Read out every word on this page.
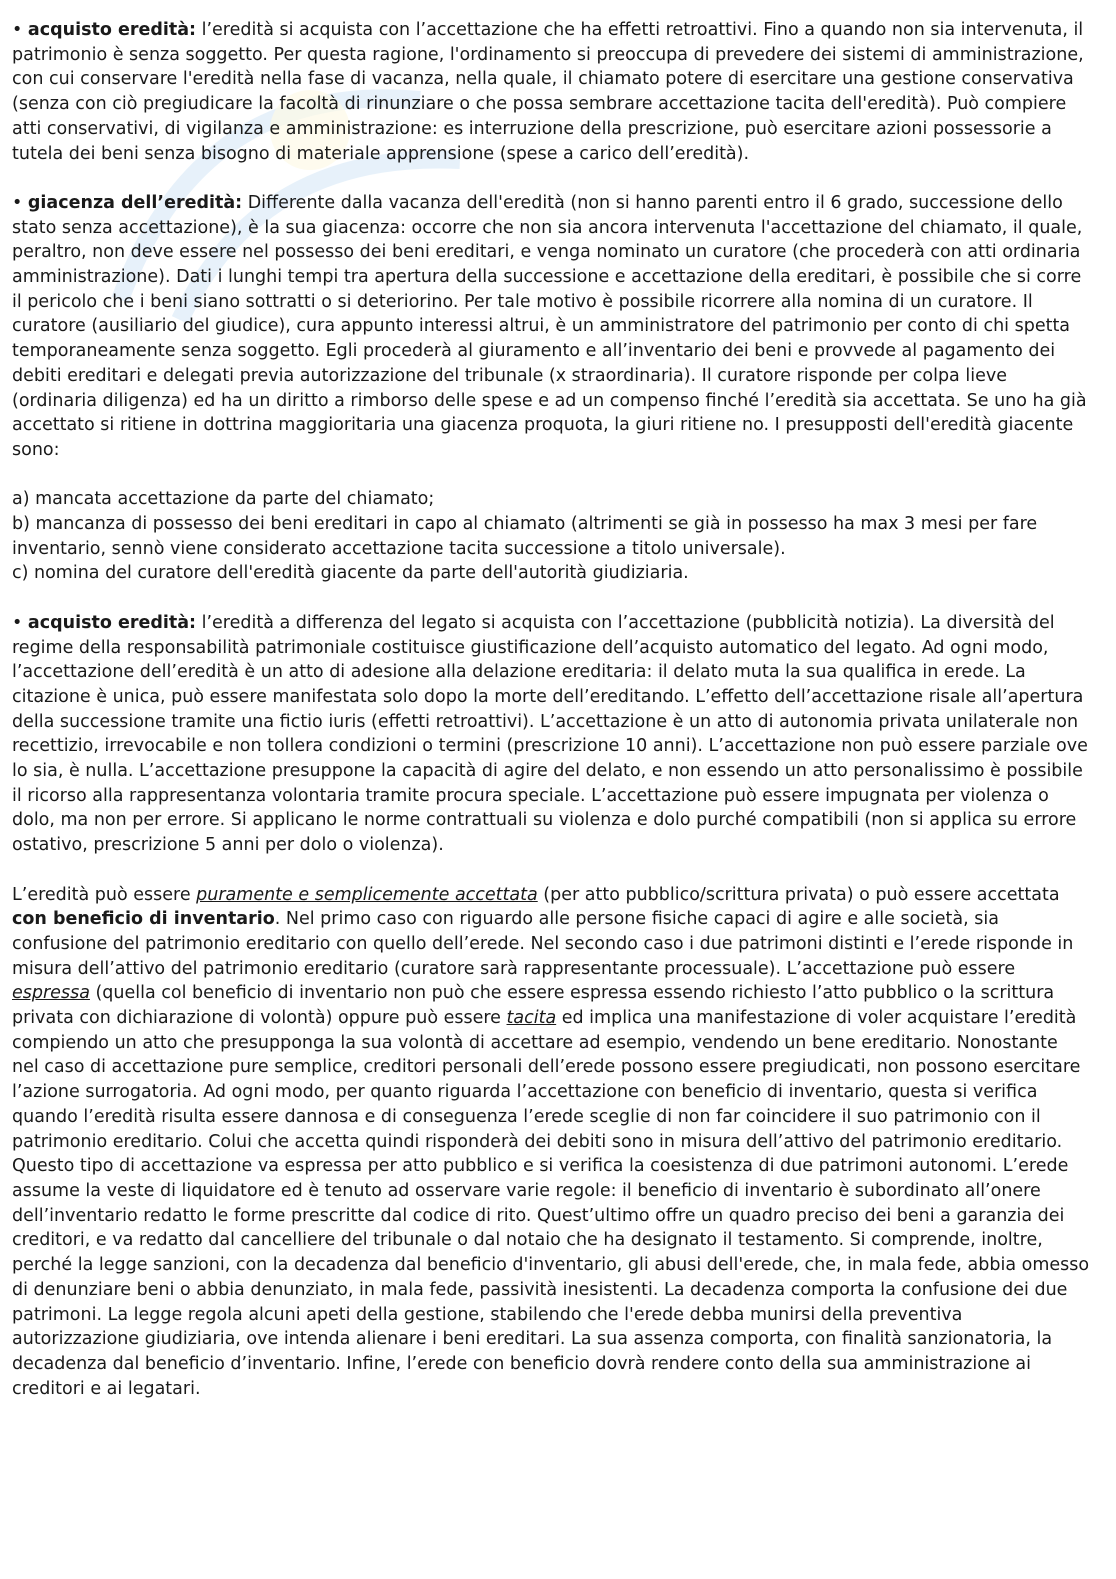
• acquisto eredità: l’eredità si acquista con l’accettazione che ha effetti retroattivi. Fino a quando non sia intervenuta, il patrimonio è senza soggetto. Per questa ragione, l'ordinamento si preoccupa di prevedere dei sistemi di amministrazione, con cui conservare l'eredità nella fase di vacanza, nella quale, il chiamato potere di esercitare una gestione conservativa (senza con ciò pregiudicare la facoltà di rinunziare o che possa sembrare accettazione tacita dell'eredità). Può compiere atti conservativi, di vigilanza e amministrazione: es interruzione della prescrizione, può esercitare azioni possessorie a tutela dei beni senza bisogno di materiale apprensione (spese a carico dell’eredità).

• giacenza dell’eredità: Differente dalla vacanza dell'eredità (non si hanno parenti entro il 6 grado, successione dello stato senza accettazione), è la sua giacenza: occorre che non sia ancora intervenuta l'accettazione del chiamato, il quale, peraltro, non deve essere nel possesso dei beni ereditari, e venga nominato un curatore (che procederà con atti ordinaria amministrazione). Dati i lunghi tempi tra apertura della successione e accettazione della ereditari, è possibile che si corre il pericolo che i beni siano sottratti o si deteriorino. Per tale motivo è possibile ricorrere alla nomina di un curatore. Il curatore (ausiliario del giudice), cura appunto interessi altrui, è un amministratore del patrimonio per conto di chi spetta temporaneamente senza soggetto. Egli procederà al giuramento e all’inventario dei beni e provvede al pagamento dei debiti ereditari e delegati previa autorizzazione del tribunale (x straordinaria). Il curatore risponde per colpa lieve (ordinaria diligenza) ed ha un diritto a rimborso delle spese e ad un compenso finché l’eredità sia accettata. Se uno ha già accettato si ritiene in dottrina maggioritaria una giacenza proquota, la giuri ritiene no. I presupposti dell'eredità giacente sono:

a) mancata accettazione da parte del chiamato;

b) mancanza di possesso dei beni ereditari in capo al chiamato (altrimenti se già in possesso ha max 3 mesi per fare inventario, sennò viene considerato accettazione tacita successione a titolo universale).

c) nomina del curatore dell'eredità giacente da parte dell'autorità giudiziaria.

• acquisto eredità: l’eredità a differenza del legato si acquista con l’accettazione (pubblicità notizia). La diversità del regime della responsabilità patrimoniale costituisce giustificazione dell’acquisto automatico del legato. Ad ogni modo, l’accettazione dell’eredità è un atto di adesione alla delazione ereditaria: il delato muta la sua qualifica in erede. La citazione è unica, può essere manifestata solo dopo la morte dell’ereditando. L’effetto dell’accettazione risale all’apertura della successione tramite una fictio iuris (effetti retroattivi). L’accettazione è un atto di autonomia privata unilaterale non recettizio, irrevocabile e non tollera condizioni o termini (prescrizione 10 anni). L’accettazione non può essere parziale ove lo sia, è nulla. L’accettazione presuppone la capacità di agire del delato, e non essendo un atto personalissimo è possibile il ricorso alla rappresentanza volontaria tramite procura speciale. L’accettazione può essere impugnata per violenza o dolo, ma non per errore. Si applicano le norme contrattuali su violenza e dolo purché compatibili (non si applica su errore ostativo, prescrizione 5 anni per dolo o violenza).

L’eredità può essere puramente e semplicemente accettata (per atto pubblico/scrittura privata) o può essere accettata con beneficio di inventario. Nel primo caso con riguardo alle persone fisiche capaci di agire e alle società, sia confusione del patrimonio ereditario con quello dell’erede. Nel secondo caso i due patrimoni distinti e l’erede risponde in misura dell’attivo del patrimonio ereditario (curatore sarà rappresentante processuale). L’accettazione può essere espressa (quella col beneficio di inventario non può che essere espressa essendo richiesto l’atto pubblico o la scrittura privata con dichiarazione di volontà) oppure può essere tacita ed implica una manifestazione di voler acquistare l’eredità compiendo un atto che presupponga la sua volontà di accettare ad esempio, vendendo un bene ereditario. Nonostante nel caso di accettazione pure semplice, creditori personali dell’erede possono essere pregiudicati, non possono esercitare l’azione surrogatoria. Ad ogni modo, per quanto riguarda l’accettazione con beneficio di inventario, questa si verifica quando l’eredità risulta essere dannosa e di conseguenza l’erede sceglie di non far coincidere il suo patrimonio con il patrimonio ereditario. Colui che accetta quindi risponderà dei debiti sono in misura dell’attivo del patrimonio ereditario. Questo tipo di accettazione va espressa per atto pubblico e si verifica la coesistenza di due patrimoni autonomi. L’erede assume la veste di liquidatore ed è tenuto ad osservare varie regole: il beneficio di inventario è subordinato all’onere dell’inventario redatto le forme prescritte dal codice di rito. Quest’ultimo offre un quadro preciso dei beni a garanzia dei creditori, e va redatto dal cancelliere del tribunale o dal notaio che ha designato il testamento. Si comprende, inoltre, perché la legge sanzioni, con la decadenza dal beneficio d'inventario, gli abusi dell'erede, che, in mala fede, abbia omesso di denunziare beni o abbia denunziato, in mala fede, passività inesistenti. La decadenza comporta la confusione dei due patrimoni. La legge regola alcuni apeti della gestione, stabilendo che l'erede debba munirsi della preventiva autorizzazione giudiziaria, ove intenda alienare i beni ereditari. La sua assenza comporta, con finalità sanzionatoria, la decadenza dal beneficio d’inventario. Infine, l’erede con beneficio dovrà rendere conto della sua amministrazione ai creditori e ai legatari.
